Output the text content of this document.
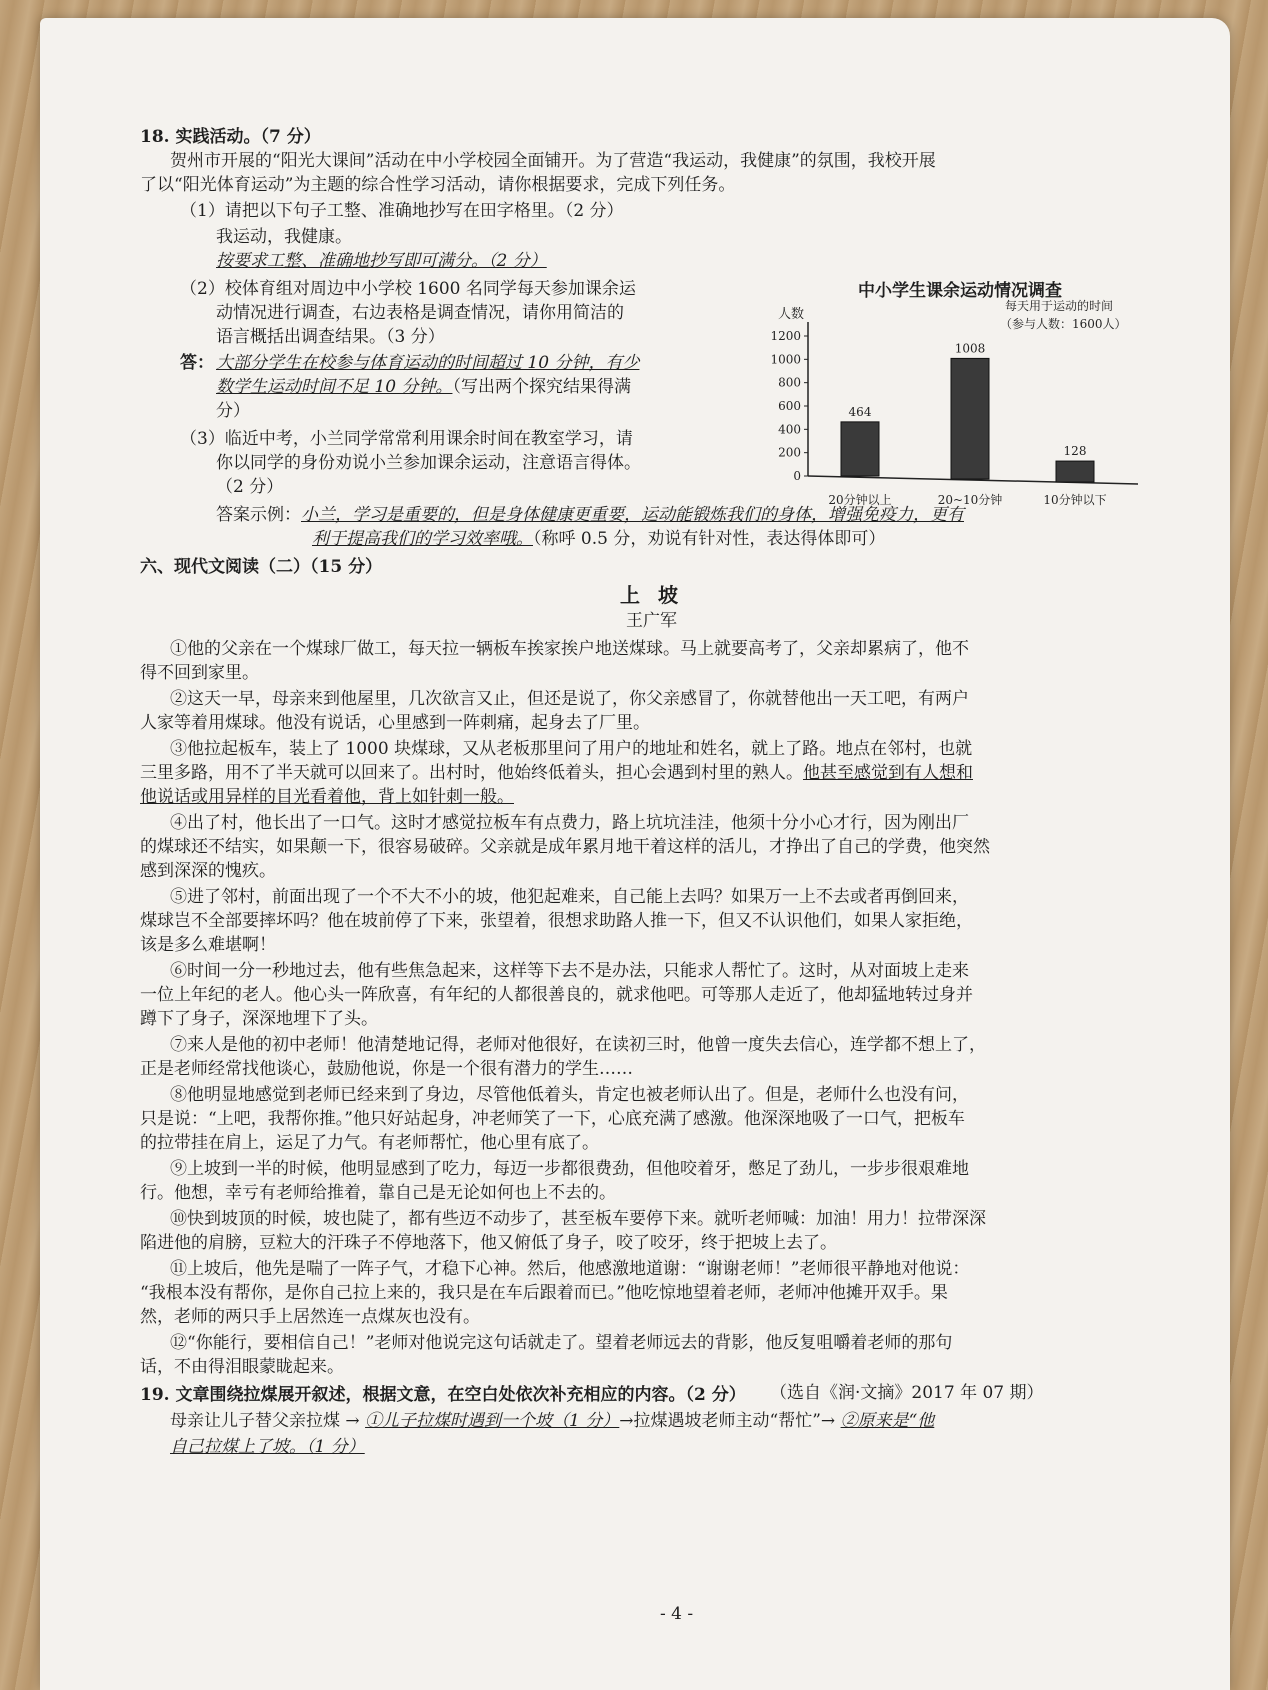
18. 实践活动。（7 分）
贺州市开展的“阳光大课间”活动在中小学校园全面铺开。为了营造“我运动，我健康”的氛围，我校开展
了以“阳光体育运动”为主题的综合性学习活动，请你根据要求，完成下列任务。
（1）请把以下句子工整、准确地抄写在田字格里。（2 分）
我运动，我健康。
按要求工整、准确地抄写即可满分。（2 分）
（2）校体育组对周边中小学校 1600 名同学每天参加课余运
动情况进行调查，右边表格是调查情况，请你用简洁的
语言概括出调查结果。（3 分）
答： 大部分学生在校参与体育运动的时间超过 10 分钟，有少
数学生运动时间不足 10 分钟。（写出两个探究结果得满
分）
（3）临近中考，小兰同学常常利用课余时间在教室学习，请
你以同学的身份劝说小兰参加课余运动，注意语言得体。
（2 分）
答案示例：小兰，学习是重要的，但是身体健康更重要，运动能锻炼我们的身体，增强免疫力，更有
利于提高我们的学习效率哦。（称呼 0.5 分，劝说有针对性，表达得体即可）
六、现代文阅读（二）（15 分）
上坡
王广军
①他的父亲在一个煤球厂做工，每天拉一辆板车挨家挨户地送煤球。马上就要高考了，父亲却累病了，他不
得不回到家里。
②这天一早，母亲来到他屋里，几次欲言又止，但还是说了，你父亲感冒了，你就替他出一天工吧，有两户
人家等着用煤球。他没有说话，心里感到一阵刺痛，起身去了厂里。
③他拉起板车，装上了 1000 块煤球，又从老板那里问了用户的地址和姓名，就上了路。地点在邻村，也就
三里多路，用不了半天就可以回来了。出村时，他始终低着头，担心会遇到村里的熟人。他甚至感觉到有人想和
他说话或用异样的目光看着他，背上如针刺一般。
④出了村，他长出了一口气。这时才感觉拉板车有点费力，路上坑坑洼洼，他须十分小心才行，因为刚出厂
的煤球还不结实，如果颠一下，很容易破碎。父亲就是成年累月地干着这样的活儿，才挣出了自己的学费，他突然
感到深深的愧疚。
⑤进了邻村，前面出现了一个不大不小的坡，他犯起难来，自己能上去吗？如果万一上不去或者再倒回来，
煤球岂不全部要摔坏吗？他在坡前停了下来，张望着，很想求助路人推一下，但又不认识他们，如果人家拒绝，
该是多么难堪啊！
⑥时间一分一秒地过去，他有些焦急起来，这样等下去不是办法，只能求人帮忙了。这时，从对面坡上走来
一位上年纪的老人。他心头一阵欣喜，有年纪的人都很善良的，就求他吧。可等那人走近了，他却猛地转过身并
蹲下了身子，深深地埋下了头。
⑦来人是他的初中老师！他清楚地记得，老师对他很好，在读初三时，他曾一度失去信心，连学都不想上了，
正是老师经常找他谈心，鼓励他说，你是一个很有潜力的学生……
⑧他明显地感觉到老师已经来到了身边，尽管他低着头，肯定也被老师认出了。但是，老师什么也没有问，
只是说：“上吧，我帮你推。”他只好站起身，冲老师笑了一下，心底充满了感激。他深深地吸了一口气，把板车
的拉带挂在肩上，运足了力气。有老师帮忙，他心里有底了。
⑨上坡到一半的时候，他明显感到了吃力，每迈一步都很费劲，但他咬着牙，憋足了劲儿，一步步很艰难地
行。他想，幸亏有老师给推着，靠自己是无论如何也上不去的。
⑩快到坡顶的时候，坡也陡了，都有些迈不动步了，甚至板车要停下来。就听老师喊：加油！用力！拉带深深
陷进他的肩膀，豆粒大的汗珠子不停地落下，他又俯低了身子，咬了咬牙，终于把坡上去了。
⑪上坡后，他先是喘了一阵子气，才稳下心神。然后，他感激地道谢：“谢谢老师！”老师很平静地对他说：
“我根本没有帮你，是你自己拉上来的，我只是在车后跟着而已。”他吃惊地望着老师，老师冲他摊开双手。果
然，老师的两只手上居然连一点煤灰也没有。
⑫“你能行，要相信自己！”老师对他说完这句话就走了。望着老师远去的背影，他反复咀嚼着老师的那句
话，不由得泪眼蒙眬起来。
（选自《润·文摘》2017 年 07 期）
19. 文章围绕拉煤展开叙述，根据文意，在空白处依次补充相应的内容。（2 分）
母亲让儿子替父亲拉煤 → ①儿子拉煤时遇到一个坡（1 分）→拉煤遇坡老师主动“帮忙”→ ②原来是“他
自己拉煤上了坡。（1 分）
- 4 -
中小学生课余运动情况调查
0
200
400
600
800
1000
1200
人数
每天用于运动的时间
（参与人数：1600人）
464
20分钟以上
1008
20~10分钟
128
10分钟以下
